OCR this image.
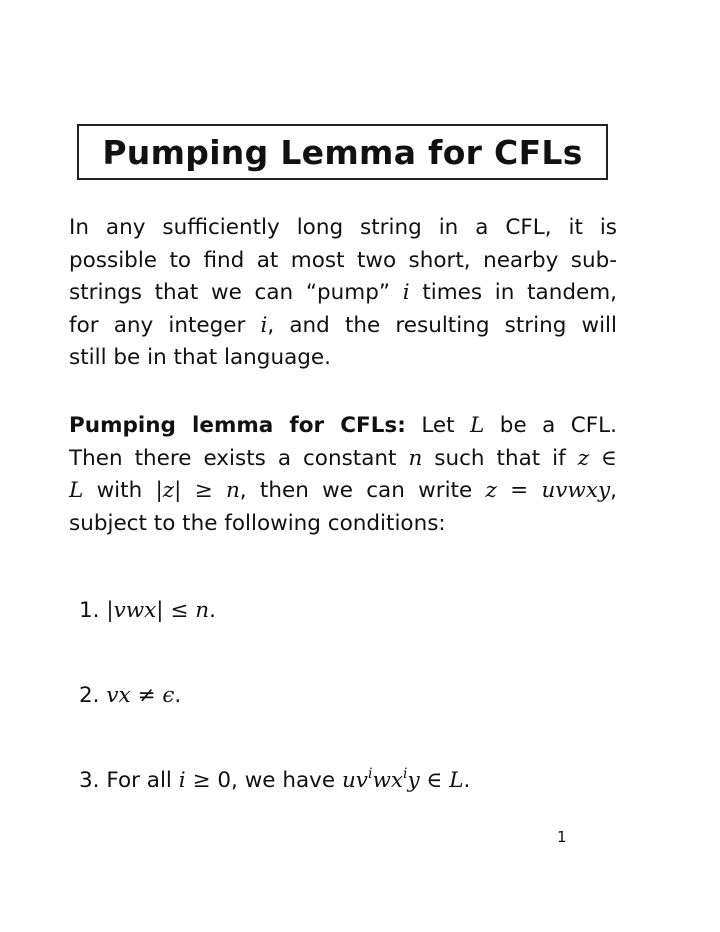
Pumping Lemma for CFLs
In any sufficiently long string in a CFL, it is
possible to find at most two short, nearby sub-
strings that we can “pump” i times in tandem,
for any integer i, and the resulting string will
still be in that language.
Pumping lemma for CFLs: Let L be a CFL.
Then there exists a constant n such that if z ∈
L with |z| ≥ n, then we can write z = uvwxy,
subject to the following conditions:
1. |vwx| ≤ n.
2. vx ≠ ϵ.
3. For all i ≥ 0, we have $uv^iwx^iy$ ∈ L.
1
